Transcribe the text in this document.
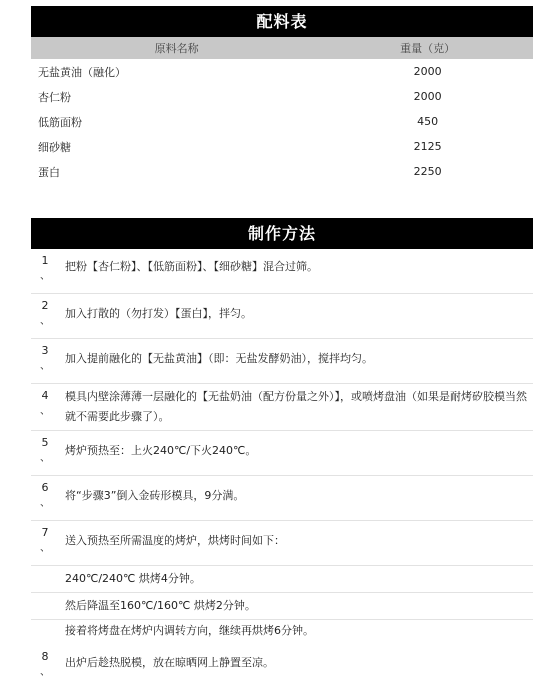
配料表
原料名称	重量（克）
无盐黄油（融化）	2000
杏仁粉	2000
低筋面粉	450
细砂糖	2125
蛋白	2250
制作方法
1
、
把粉【杏仁粉】、【低筋面粉】、【细砂糖】混合过筛。
2
、
加入打散的（勿打发）【蛋白】，拌匀。
3
、
加入提前融化的【无盐黄油】（即：无盐发酵奶油），搅拌均匀。
4
、
模具内壁涂薄薄一层融化的【无盐奶油（配方份量之外）】，或喷烤盘油（如果是耐烤矽胶模当然就不需要此步骤了）。
5
、
烤炉预热至：上火240℃/下火240℃。
6
、
将“步骤3”倒入金砖形模具，9分满。
7
、
送入预热至所需温度的烤炉，烘烤时间如下：
240℃/240℃ 烘烤4分钟。
然后降温至160℃/160℃ 烘烤2分钟。
接着将烤盘在烤炉内调转方向，继续再烘烤6分钟。
8
、
出炉后趁热脱模，放在晾晒网上静置至凉。
